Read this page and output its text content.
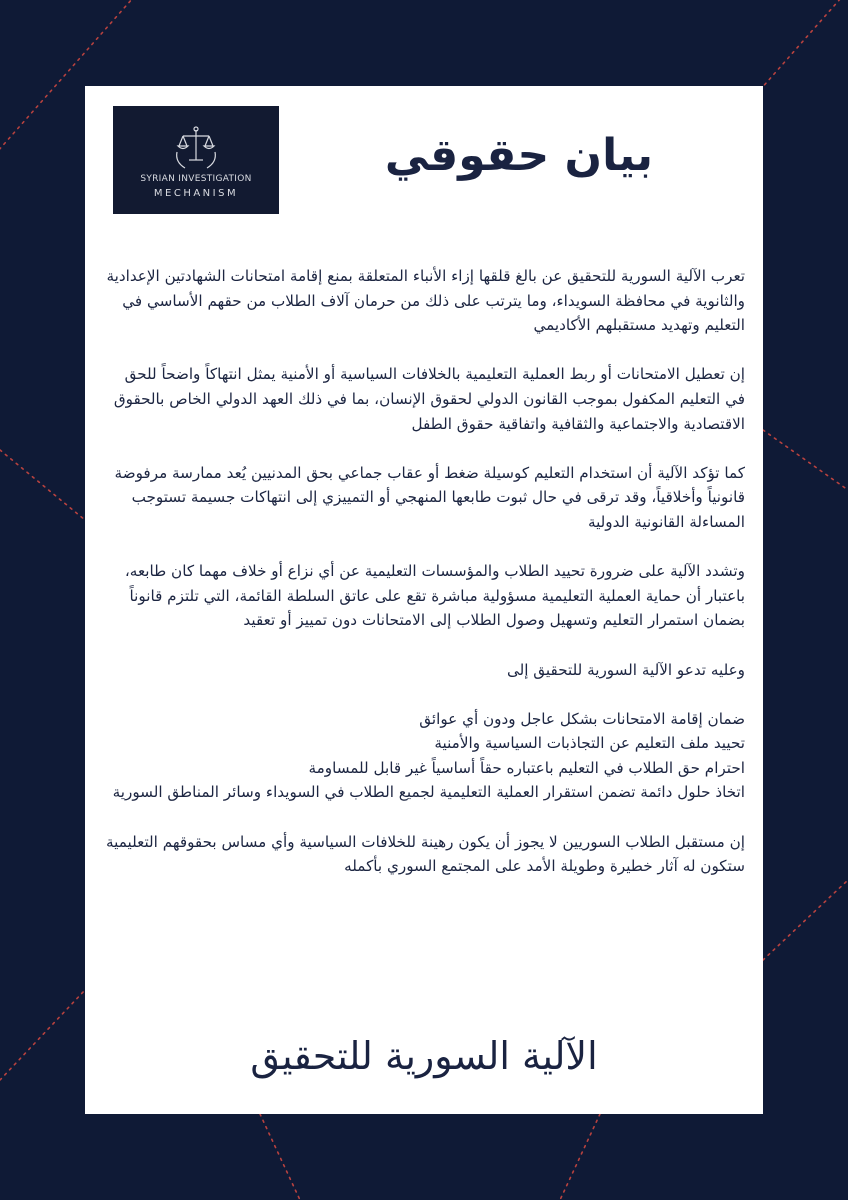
SYRIAN INVESTIGATION
MECHANISM
بيان حقوقي

تعرب الآلية السورية للتحقيق عن بالغ قلقها إزاء الأنباء المتعلقة بمنع إقامة امتحانات الشهادتين الإعدادية والثانوية في محافظة السويداء، وما يترتب على ذلك من حرمان آلاف الطلاب من حقهم الأساسي في التعليم وتهديد مستقبلهم الأكاديمي

إن تعطيل الامتحانات أو ربط العملية التعليمية بالخلافات السياسية أو الأمنية يمثل انتهاكاً واضحاً للحق في التعليم المكفول بموجب القانون الدولي لحقوق الإنسان، بما في ذلك العهد الدولي الخاص بالحقوق الاقتصادية والاجتماعية والثقافية واتفاقية حقوق الطفل

كما تؤكد الآلية أن استخدام التعليم كوسيلة ضغط أو عقاب جماعي بحق المدنيين يُعد ممارسة مرفوضة قانونياً وأخلاقياً، وقد ترقى في حال ثبوت طابعها المنهجي أو التمييزي إلى انتهاكات جسيمة تستوجب المساءلة القانونية الدولية

وتشدد الآلية على ضرورة تحييد الطلاب والمؤسسات التعليمية عن أي نزاع أو خلاف مهما كان طابعه، باعتبار أن حماية العملية التعليمية مسؤولية مباشرة تقع على عاتق السلطة القائمة، التي تلتزم قانوناً بضمان استمرار التعليم وتسهيل وصول الطلاب إلى الامتحانات دون تمييز أو تعقيد

وعليه تدعو الآلية السورية للتحقيق إلى

ضمان إقامة الامتحانات بشكل عاجل ودون أي عوائق
تحييد ملف التعليم عن التجاذبات السياسية والأمنية
احترام حق الطلاب في التعليم باعتباره حقاً أساسياً غير قابل للمساومة
اتخاذ حلول دائمة تضمن استقرار العملية التعليمية لجميع الطلاب في السويداء وسائر المناطق السورية

إن مستقبل الطلاب السوريين لا يجوز أن يكون رهينة للخلافات السياسية وأي مساس بحقوقهم التعليمية ستكون له آثار خطيرة وطويلة الأمد على المجتمع السوري بأكمله

الآلية السورية للتحقيق
